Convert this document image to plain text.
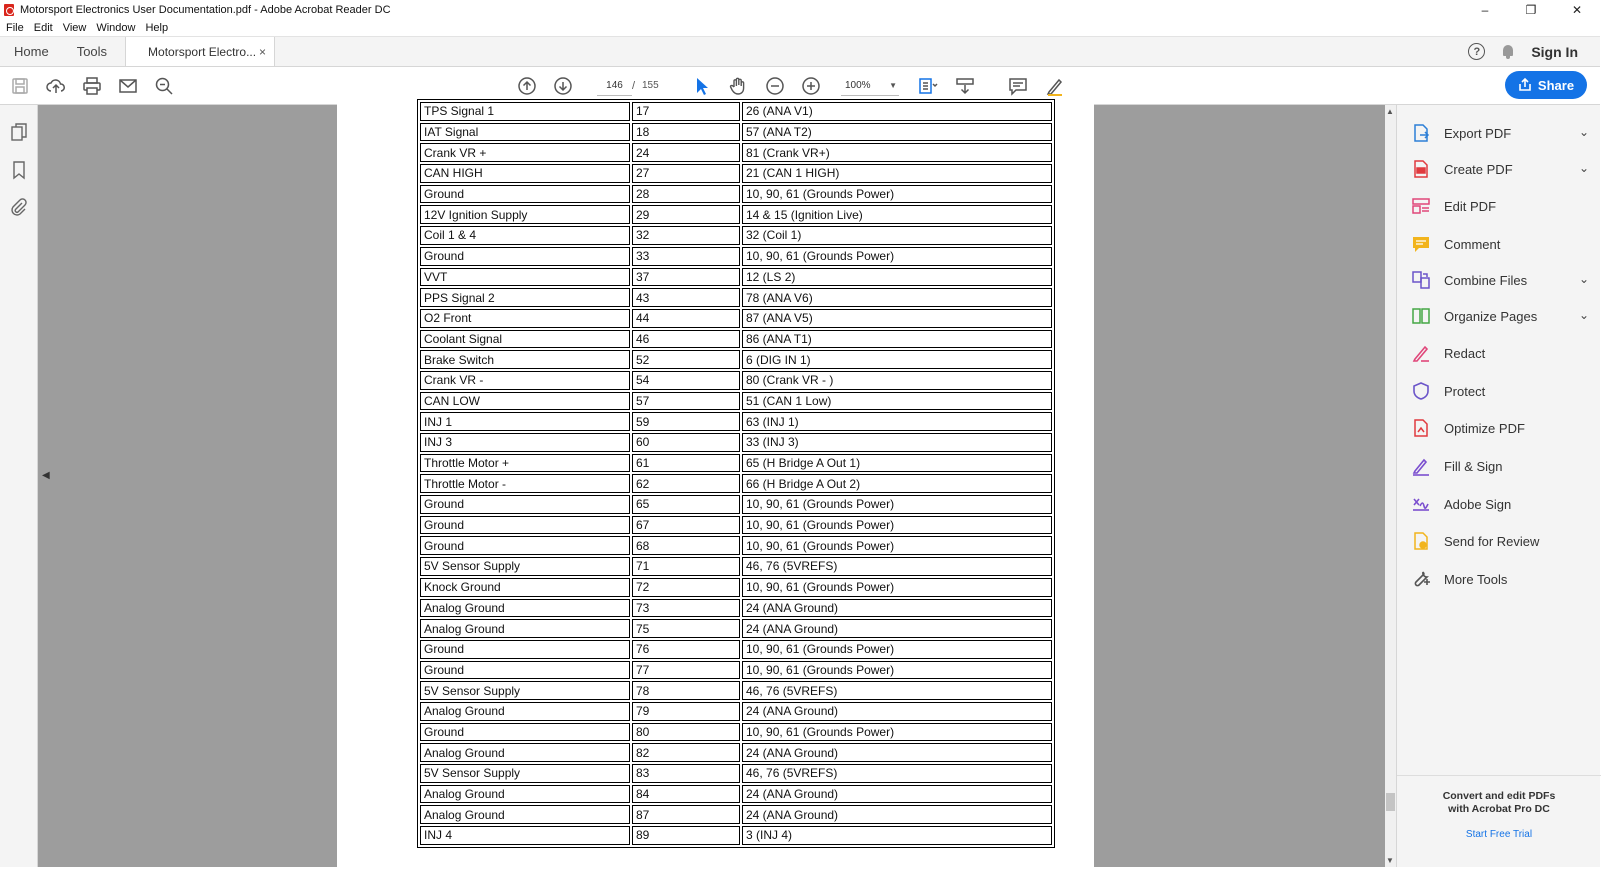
Motorsport Electronics User Documentation.pdf - Adobe Acrobat Reader DC	–	❐	✕
File Edit View Window Help
Home	Tools	Motorsport Electro... ×	?	Sign In
146 / 155	100% ▼	Share
◀
TPS Signal 1	17	26 (ANA V1)
IAT Signal	18	57 (ANA T2)
Crank VR +	24	81 (Crank VR+)
CAN HIGH	27	21 (CAN 1 HIGH)
Ground	28	10, 90, 61 (Grounds Power)
12V Ignition Supply	29	14 & 15 (Ignition Live)
Coil 1 & 4	32	32 (Coil 1)
Ground	33	10, 90, 61 (Grounds Power)
VVT	37	12 (LS 2)
PPS Signal 2	43	78 (ANA V6)
O2 Front	44	87 (ANA V5)
Coolant Signal	46	86 (ANA T1)
Brake Switch	52	6 (DIG IN 1)
Crank VR -	54	80 (Crank VR - )
CAN LOW	57	51 (CAN 1 Low)
INJ 1	59	63 (INJ 1)
INJ 3	60	33 (INJ 3)
Throttle Motor +	61	65 (H Bridge A Out 1)
Throttle Motor -	62	66 (H Bridge A Out 2)
Ground	65	10, 90, 61 (Grounds Power)
Ground	67	10, 90, 61 (Grounds Power)
Ground	68	10, 90, 61 (Grounds Power)
5V Sensor Supply	71	46, 76 (5VREFS)
Knock Ground	72	10, 90, 61 (Grounds Power)
Analog Ground	73	24 (ANA Ground)
Analog Ground	75	24 (ANA Ground)
Ground	76	10, 90, 61 (Grounds Power)
Ground	77	10, 90, 61 (Grounds Power)
5V Sensor Supply	78	46, 76 (5VREFS)
Analog Ground	79	24 (ANA Ground)
Ground	80	10, 90, 61 (Grounds Power)
Analog Ground	82	24 (ANA Ground)
5V Sensor Supply	83	46, 76 (5VREFS)
Analog Ground	84	24 (ANA Ground)
Analog Ground	87	24 (ANA Ground)
INJ 4	89	3 (INJ 4)
▲
▼
Export PDF	⌄
Create PDF	⌄
Edit PDF
Comment
Combine Files	⌄
Organize Pages	⌄
Redact
Protect
Optimize PDF
Fill & Sign
Adobe Sign
Send for Review
More Tools
Convert and edit PDFs
with Acrobat Pro DC
Start Free Trial
